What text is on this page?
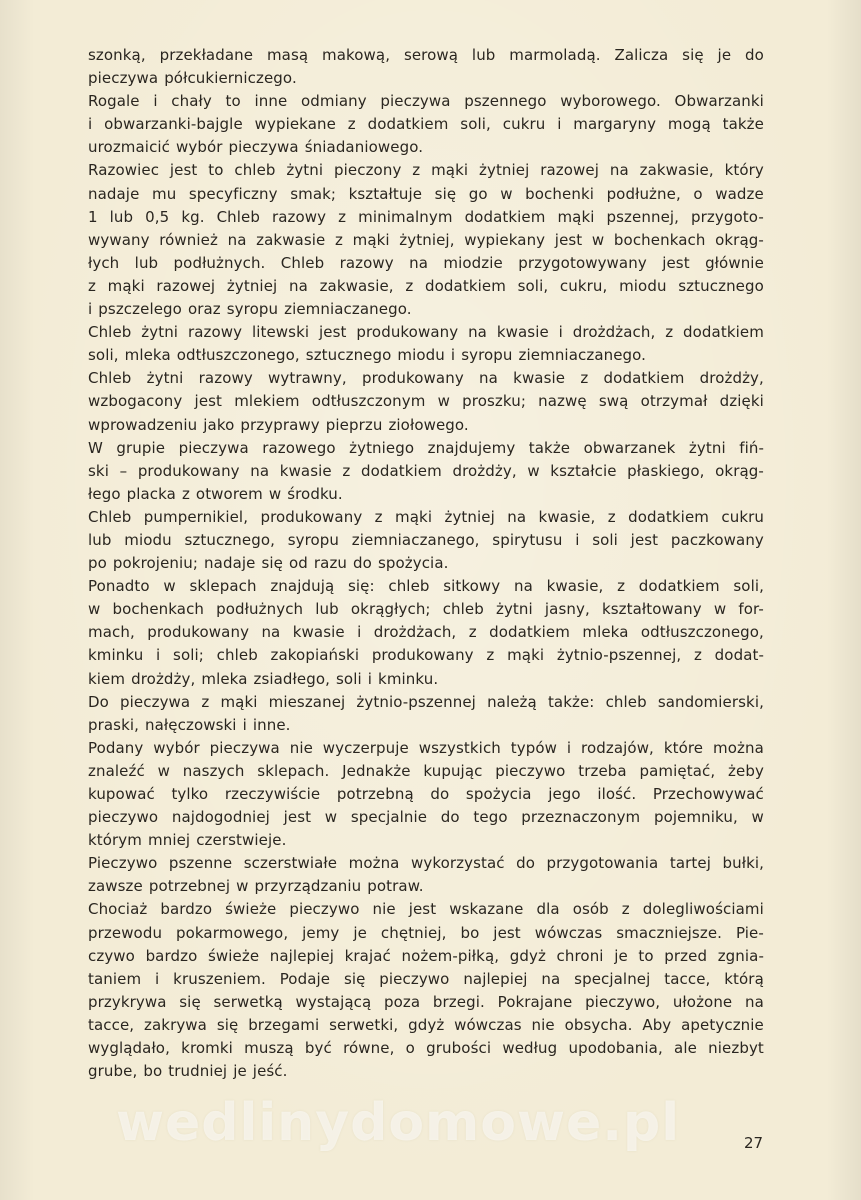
szonką, przekładane masą makową, serową lub marmoladą. Zalicza się je do
pieczywa półcukierniczego.
Rogale i chały to inne odmiany pieczywa pszennego wyborowego. Obwarzanki
i obwarzanki-bajgle wypiekane z dodatkiem soli, cukru i margaryny mogą także
urozmaicić wybór pieczywa śniadaniowego.
Razowiec jest to chleb żytni pieczony z mąki żytniej razowej na zakwasie, który
nadaje mu specyficzny smak; kształtuje się go w bochenki podłużne, o wadze
1 lub 0,5 kg. Chleb razowy z minimalnym dodatkiem mąki pszennej, przygoto-
wywany również na zakwasie z mąki żytniej, wypiekany jest w bochenkach okrąg-
łych lub podłużnych. Chleb razowy na miodzie przygotowywany jest głównie
z mąki razowej żytniej na zakwasie, z dodatkiem soli, cukru, miodu sztucznego
i pszczelego oraz syropu ziemniaczanego.
Chleb żytni razowy litewski jest produkowany na kwasie i drożdżach, z dodatkiem
soli, mleka odtłuszczonego, sztucznego miodu i syropu ziemniaczanego.
Chleb żytni razowy wytrawny, produkowany na kwasie z dodatkiem drożdży,
wzbogacony jest mlekiem odtłuszczonym w proszku; nazwę swą otrzymał dzięki
wprowadzeniu jako przyprawy pieprzu ziołowego.
W grupie pieczywa razowego żytniego znajdujemy także obwarzanek żytni fiń-
ski – produkowany na kwasie z dodatkiem drożdży, w kształcie płaskiego, okrąg-
łego placka z otworem w środku.
Chleb pumpernikiel, produkowany z mąki żytniej na kwasie, z dodatkiem cukru
lub miodu sztucznego, syropu ziemniaczanego, spirytusu i soli jest paczkowany
po pokrojeniu; nadaje się od razu do spożycia.
Ponadto w sklepach znajdują się: chleb sitkowy na kwasie, z dodatkiem soli,
w bochenkach podłużnych lub okrągłych; chleb żytni jasny, kształtowany w for-
mach, produkowany na kwasie i drożdżach, z dodatkiem mleka odtłuszczonego,
kminku i soli; chleb zakopiański produkowany z mąki żytnio-pszennej, z dodat-
kiem drożdży, mleka zsiadłego, soli i kminku.
Do pieczywa z mąki mieszanej żytnio-pszennej należą także: chleb sandomierski,
praski, nałęczowski i inne.
Podany wybór pieczywa nie wyczerpuje wszystkich typów i rodzajów, które można
znaleźć w naszych sklepach. Jednakże kupując pieczywo trzeba pamiętać, żeby
kupować tylko rzeczywiście potrzebną do spożycia jego ilość. Przechowywać
pieczywo najdogodniej jest w specjalnie do tego przeznaczonym pojemniku, w
którym mniej czerstwieje.
Pieczywo pszenne sczerstwiałe można wykorzystać do przygotowania tartej bułki,
zawsze potrzebnej w przyrządzaniu potraw.
Chociaż bardzo świeże pieczywo nie jest wskazane dla osób z dolegliwościami
przewodu pokarmowego, jemy je chętniej, bo jest wówczas smaczniejsze. Pie-
czywo bardzo świeże najlepiej krajać nożem-piłką, gdyż chroni je to przed zgnia-
taniem i kruszeniem. Podaje się pieczywo najlepiej na specjalnej tacce, którą
przykrywa się serwetką wystającą poza brzegi. Pokrajane pieczywo, ułożone na
tacce, zakrywa się brzegami serwetki, gdyż wówczas nie obsycha. Aby apetycznie
wyglądało, kromki muszą być równe, o grubości według upodobania, ale niezbyt
grube, bo trudniej je jeść.
wedlinydomowe.pl	27
